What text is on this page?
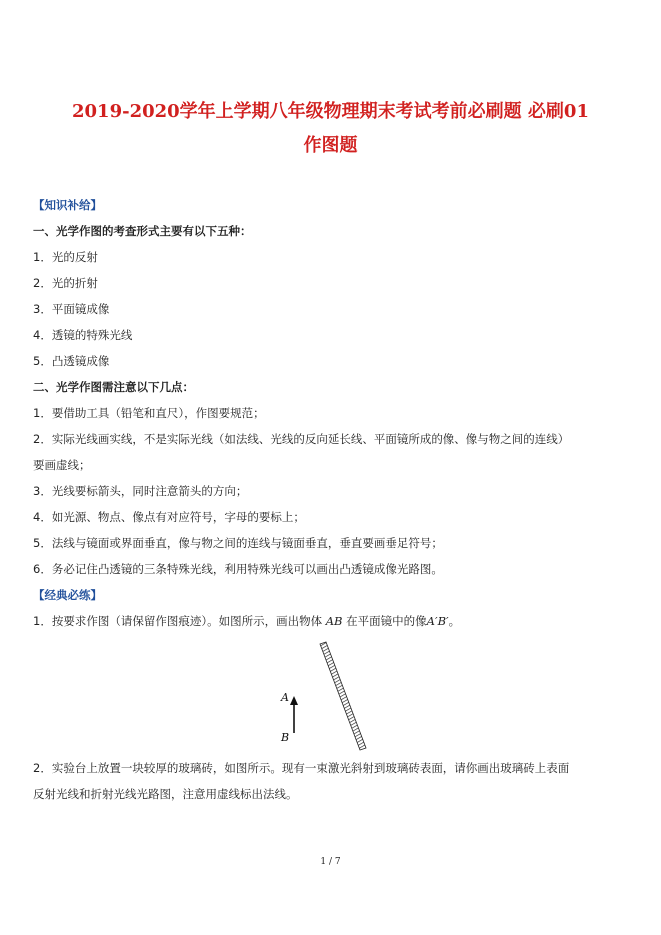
2019-2020学年上学期八年级物理期末考试考前必刷题 必刷01
作图题
【知识补给】
一、光学作图的考查形式主要有以下五种：
1．光的反射
2．光的折射
3．平面镜成像
4．透镜的特殊光线
5．凸透镜成像
二、光学作图需注意以下几点：
1．要借助工具（铅笔和直尺），作图要规范；
2．实际光线画实线，不是实际光线（如法线、光线的反向延长线、平面镜所成的像、像与物之间的连线）
要画虚线；
3．光线要标箭头，同时注意箭头的方向；
4．如光源、物点、像点有对应符号，字母的要标上；
5．法线与镜面或界面垂直，像与物之间的连线与镜面垂直，垂直要画垂足符号；
6．务必记住凸透镜的三条特殊光线，利用特殊光线可以画出凸透镜成像光路图。
【经典必练】
1．按要求作图（请保留作图痕迹）。如图所示，画出物体 AB 在平面镜中的像A′B′。
A
B
2．实验台上放置一块较厚的玻璃砖，如图所示。现有一束激光斜射到玻璃砖表面，请你画出玻璃砖上表面
反射光线和折射光线光路图，注意用虚线标出法线。
1 / 7
